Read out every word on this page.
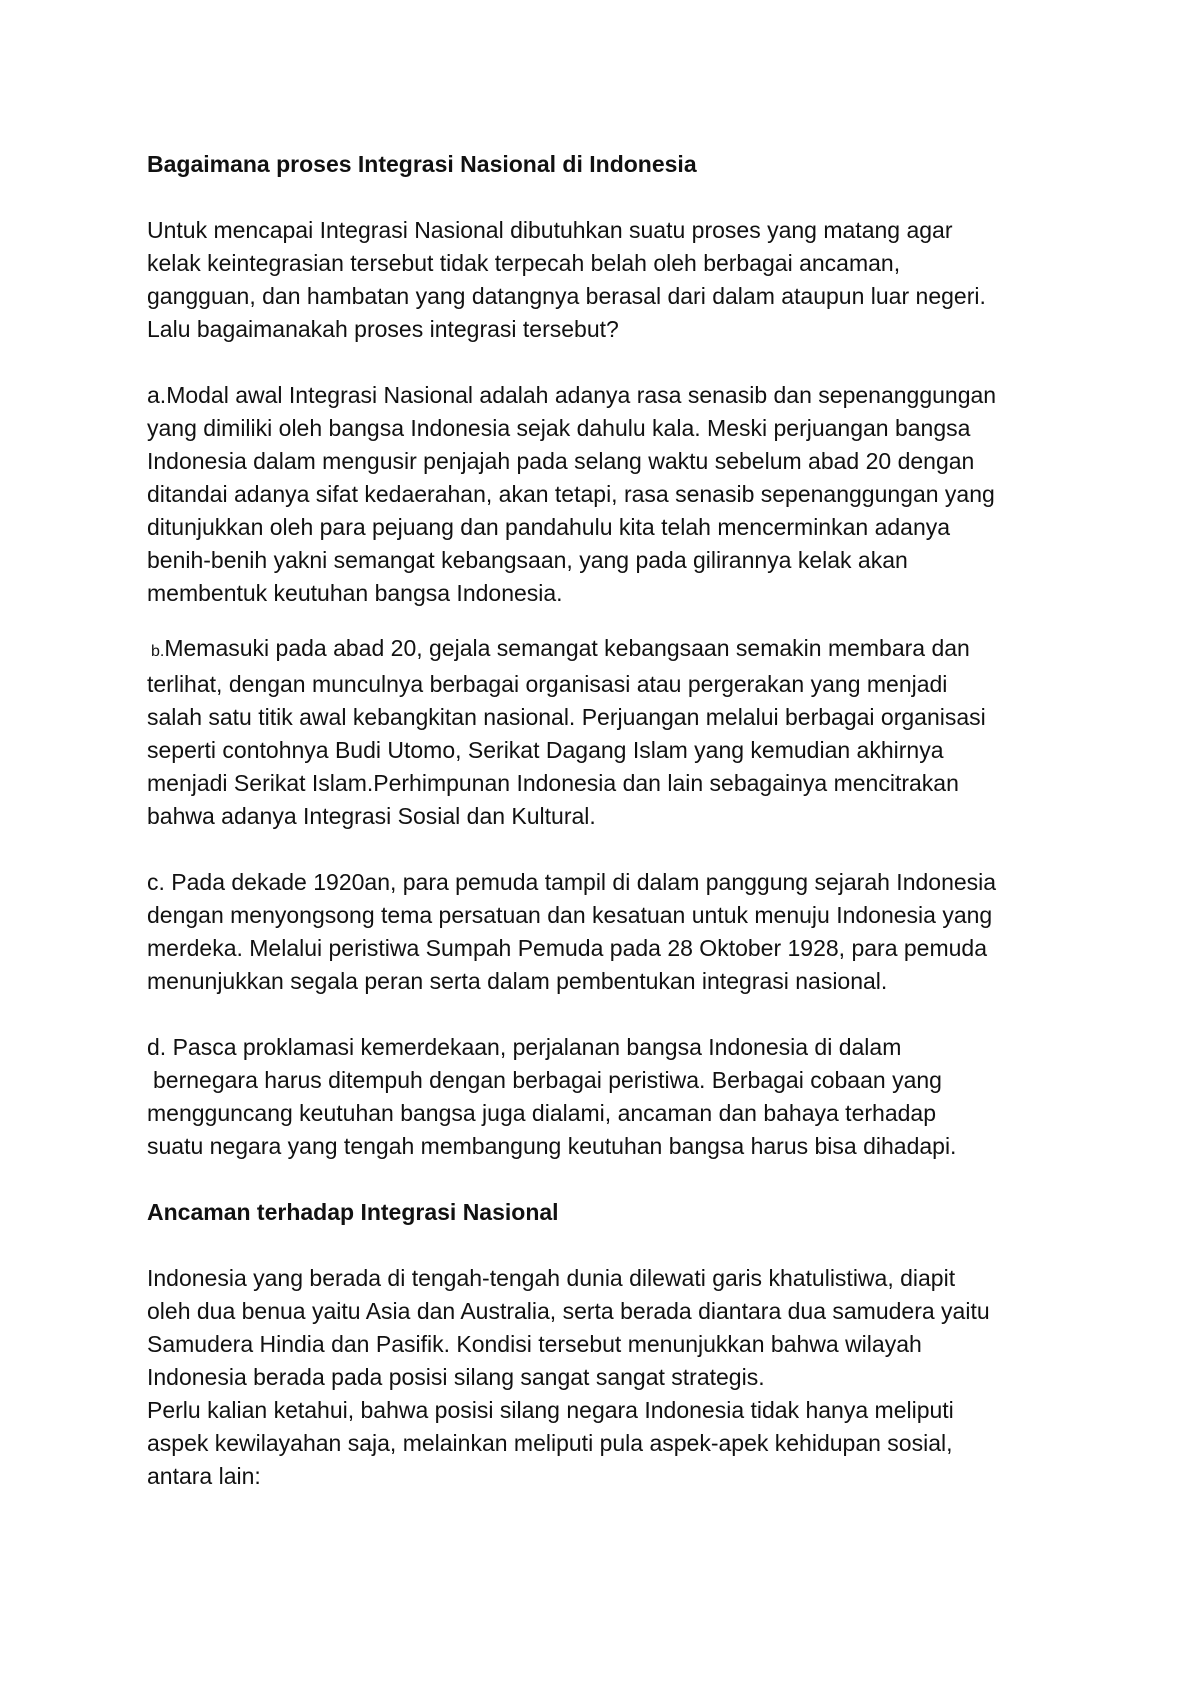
Bagaimana proses Integrasi Nasional di Indonesia

Untuk mencapai Integrasi Nasional dibutuhkan suatu proses yang matang agar
kelak keintegrasian tersebut tidak terpecah belah oleh berbagai ancaman,
gangguan, dan hambatan yang datangnya berasal dari dalam ataupun luar negeri.
Lalu bagaimanakah proses integrasi tersebut?

a.Modal awal Integrasi Nasional adalah adanya rasa senasib dan sepenanggungan
yang dimiliki oleh bangsa Indonesia sejak dahulu kala. Meski perjuangan bangsa
Indonesia dalam mengusir penjajah pada selang waktu sebelum abad 20 dengan
ditandai adanya sifat kedaerahan, akan tetapi, rasa senasib sepenanggungan yang
ditunjukkan oleh para pejuang dan pandahulu kita telah mencerminkan adanya
benih-benih yakni semangat kebangsaan, yang pada gilirannya kelak akan
membentuk keutuhan bangsa Indonesia.

b.Memasuki pada abad 20, gejala semangat kebangsaan semakin membara dan
terlihat, dengan munculnya berbagai organisasi atau pergerakan yang menjadi
salah satu titik awal kebangkitan nasional. Perjuangan melalui berbagai organisasi
seperti contohnya Budi Utomo, Serikat Dagang Islam yang kemudian akhirnya
menjadi Serikat Islam.Perhimpunan Indonesia dan lain sebagainya mencitrakan
bahwa adanya Integrasi Sosial dan Kultural.

c. Pada dekade 1920an, para pemuda tampil di dalam panggung sejarah Indonesia
dengan menyongsong tema persatuan dan kesatuan untuk menuju Indonesia yang
merdeka. Melalui peristiwa Sumpah Pemuda pada 28 Oktober 1928, para pemuda
menunjukkan segala peran serta dalam pembentukan integrasi nasional.

d. Pasca proklamasi kemerdekaan, perjalanan bangsa Indonesia di dalam
bernegara harus ditempuh dengan berbagai peristiwa. Berbagai cobaan yang
mengguncang keutuhan bangsa juga dialami, ancaman dan bahaya terhadap
suatu negara yang tengah membangung keutuhan bangsa harus bisa dihadapi.

Ancaman terhadap Integrasi Nasional

Indonesia yang berada di tengah-tengah dunia dilewati garis khatulistiwa, diapit
oleh dua benua yaitu Asia dan Australia, serta berada diantara dua samudera yaitu
Samudera Hindia dan Pasifik. Kondisi tersebut menunjukkan bahwa wilayah
Indonesia berada pada posisi silang sangat sangat strategis.
Perlu kalian ketahui, bahwa posisi silang negara Indonesia tidak hanya meliputi
aspek kewilayahan saja, melainkan meliputi pula aspek-apek kehidupan sosial,
antara lain:
